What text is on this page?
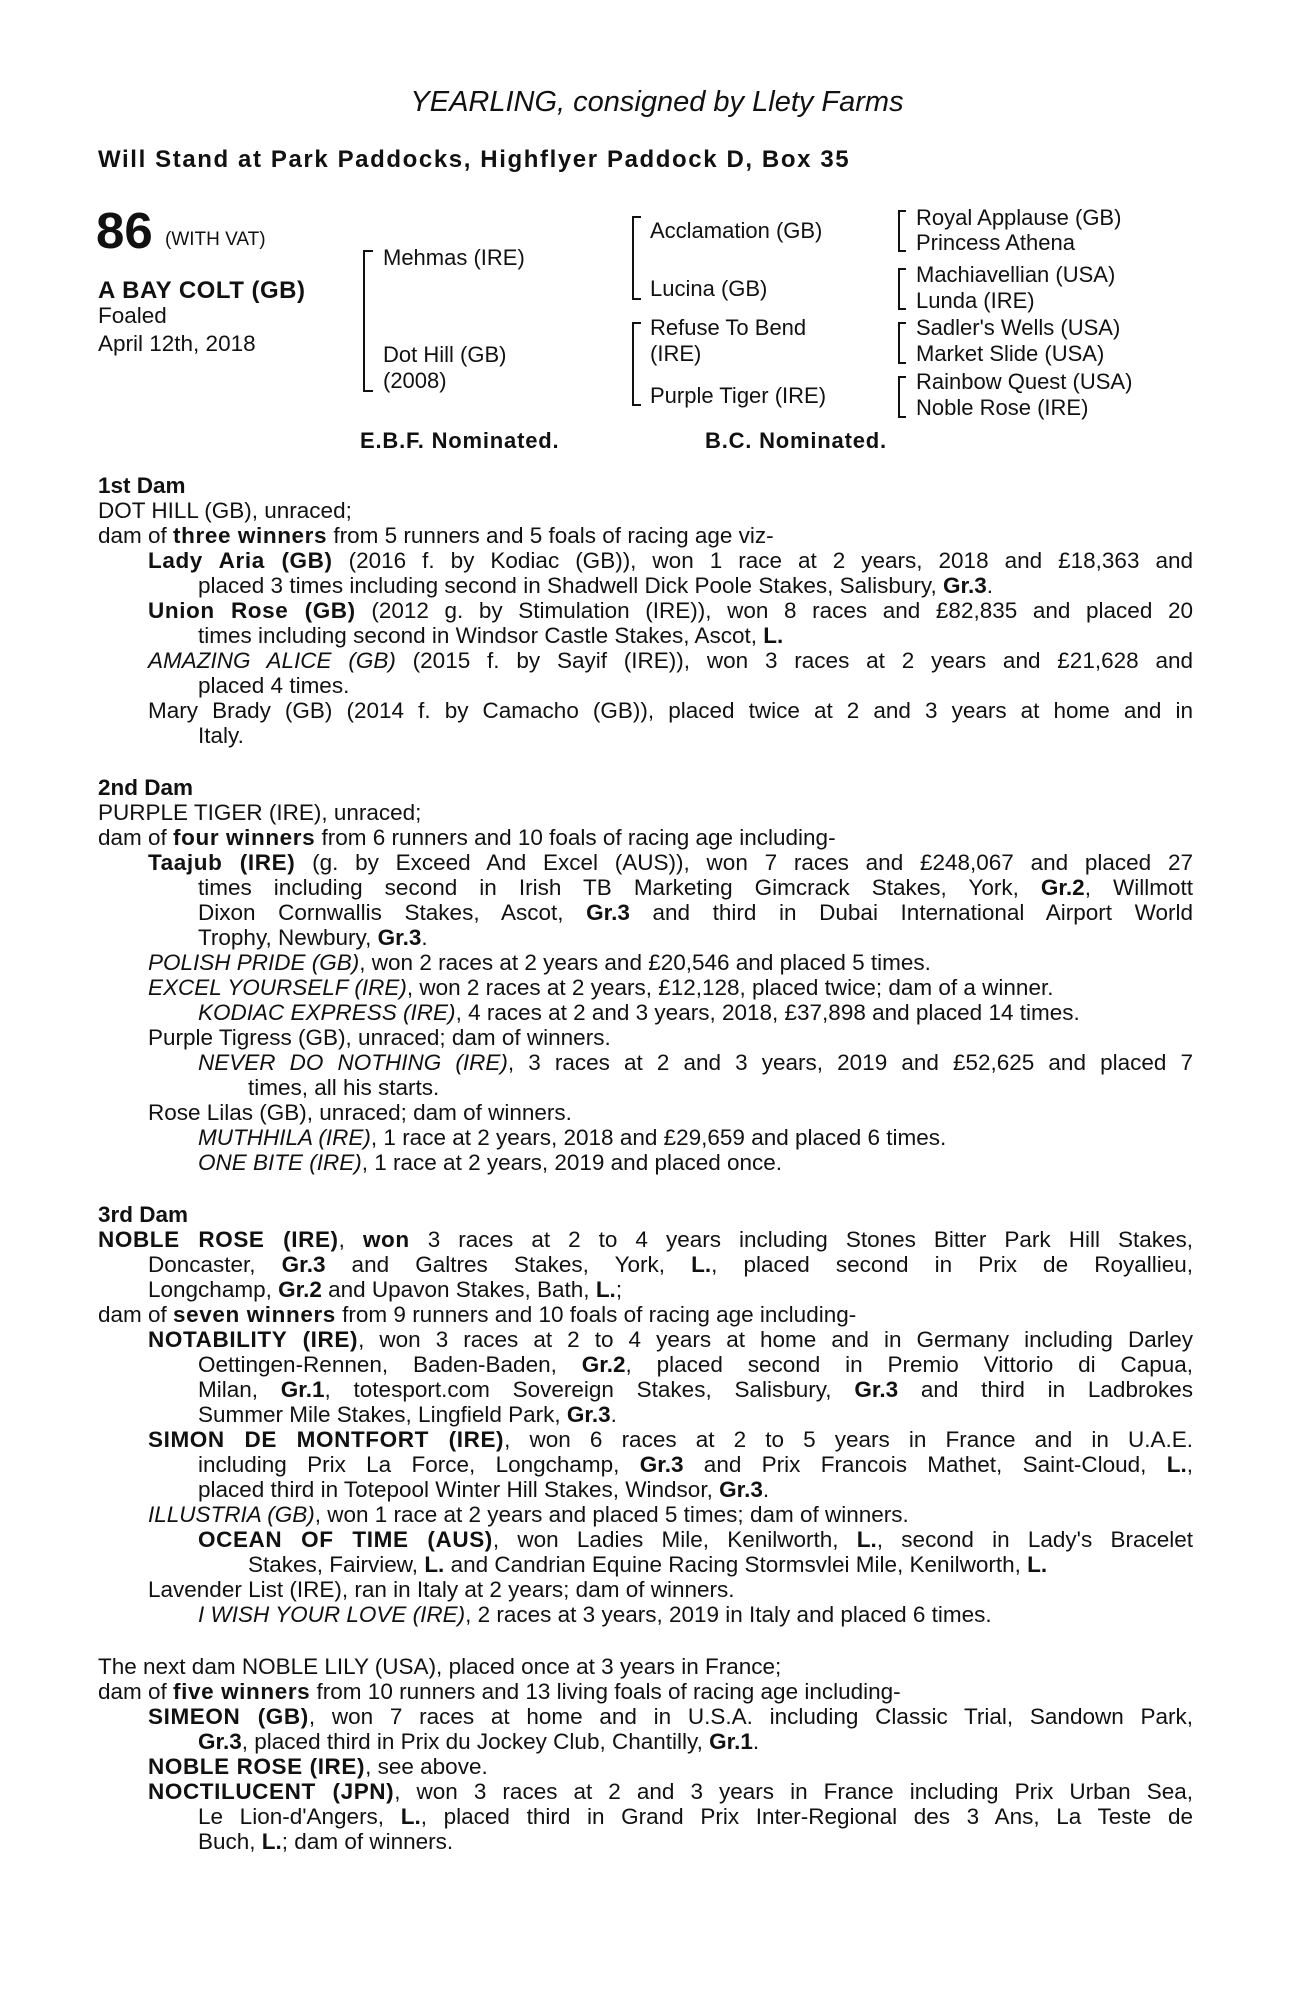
YEARLING, consigned by Llety Farms
Will Stand at Park Paddocks, Highflyer Paddock D, Box 35
86 (WITH VAT)
A BAY COLT (GB)
Foaled
April 12th, 2018
Mehmas (IRE)
Dot Hill (GB)
(2008)
Acclamation (GB)
Lucina (GB)
Refuse To Bend
(IRE)
Purple Tiger (IRE)
Royal Applause (GB)
Princess Athena
Machiavellian (USA)
Lunda (IRE)
Sadler's Wells (USA)
Market Slide (USA)
Rainbow Quest (USA)
Noble Rose (IRE)
E.B.F. Nominated.	B.C. Nominated.
1st Dam
DOT HILL (GB), unraced;
dam of three winners from 5 runners and 5 foals of racing age viz-
Lady Aria (GB) (2016 f. by Kodiac (GB)), won 1 race at 2 years, 2018 and £18,363 and
placed 3 times including second in Shadwell Dick Poole Stakes, Salisbury, Gr.3.
Union Rose (GB) (2012 g. by Stimulation (IRE)), won 8 races and £82,835 and placed 20
times including second in Windsor Castle Stakes, Ascot, L.
AMAZING ALICE (GB) (2015 f. by Sayif (IRE)), won 3 races at 2 years and £21,628 and
placed 4 times.
Mary Brady (GB) (2014 f. by Camacho (GB)), placed twice at 2 and 3 years at home and in
Italy.
2nd Dam
PURPLE TIGER (IRE), unraced;
dam of four winners from 6 runners and 10 foals of racing age including-
Taajub (IRE) (g. by Exceed And Excel (AUS)), won 7 races and £248,067 and placed 27
times including second in Irish TB Marketing Gimcrack Stakes, York, Gr.2, Willmott
Dixon Cornwallis Stakes, Ascot, Gr.3 and third in Dubai International Airport World
Trophy, Newbury, Gr.3.
POLISH PRIDE (GB), won 2 races at 2 years and £20,546 and placed 5 times.
EXCEL YOURSELF (IRE), won 2 races at 2 years, £12,128, placed twice; dam of a winner.
KODIAC EXPRESS (IRE), 4 races at 2 and 3 years, 2018, £37,898 and placed 14 times.
Purple Tigress (GB), unraced; dam of winners.
NEVER DO NOTHING (IRE), 3 races at 2 and 3 years, 2019 and £52,625 and placed 7
times, all his starts.
Rose Lilas (GB), unraced; dam of winners.
MUTHHILA (IRE), 1 race at 2 years, 2018 and £29,659 and placed 6 times.
ONE BITE (IRE), 1 race at 2 years, 2019 and placed once.
3rd Dam
NOBLE ROSE (IRE), won 3 races at 2 to 4 years including Stones Bitter Park Hill Stakes,
Doncaster, Gr.3 and Galtres Stakes, York, L., placed second in Prix de Royallieu,
Longchamp, Gr.2 and Upavon Stakes, Bath, L.;
dam of seven winners from 9 runners and 10 foals of racing age including-
NOTABILITY (IRE), won 3 races at 2 to 4 years at home and in Germany including Darley
Oettingen-Rennen, Baden-Baden, Gr.2, placed second in Premio Vittorio di Capua,
Milan, Gr.1, totesport.com Sovereign Stakes, Salisbury, Gr.3 and third in Ladbrokes
Summer Mile Stakes, Lingfield Park, Gr.3.
SIMON DE MONTFORT (IRE), won 6 races at 2 to 5 years in France and in U.A.E.
including Prix La Force, Longchamp, Gr.3 and Prix Francois Mathet, Saint-Cloud, L.,
placed third in Totepool Winter Hill Stakes, Windsor, Gr.3.
ILLUSTRIA (GB), won 1 race at 2 years and placed 5 times; dam of winners.
OCEAN OF TIME (AUS), won Ladies Mile, Kenilworth, L., second in Lady's Bracelet
Stakes, Fairview, L. and Candrian Equine Racing Stormsvlei Mile, Kenilworth, L.
Lavender List (IRE), ran in Italy at 2 years; dam of winners.
I WISH YOUR LOVE (IRE), 2 races at 3 years, 2019 in Italy and placed 6 times.
The next dam NOBLE LILY (USA), placed once at 3 years in France;
dam of five winners from 10 runners and 13 living foals of racing age including-
SIMEON (GB), won 7 races at home and in U.S.A. including Classic Trial, Sandown Park,
Gr.3, placed third in Prix du Jockey Club, Chantilly, Gr.1.
NOBLE ROSE (IRE), see above.
NOCTILUCENT (JPN), won 3 races at 2 and 3 years in France including Prix Urban Sea,
Le Lion-d'Angers, L., placed third in Grand Prix Inter-Regional des 3 Ans, La Teste de
Buch, L.; dam of winners.
